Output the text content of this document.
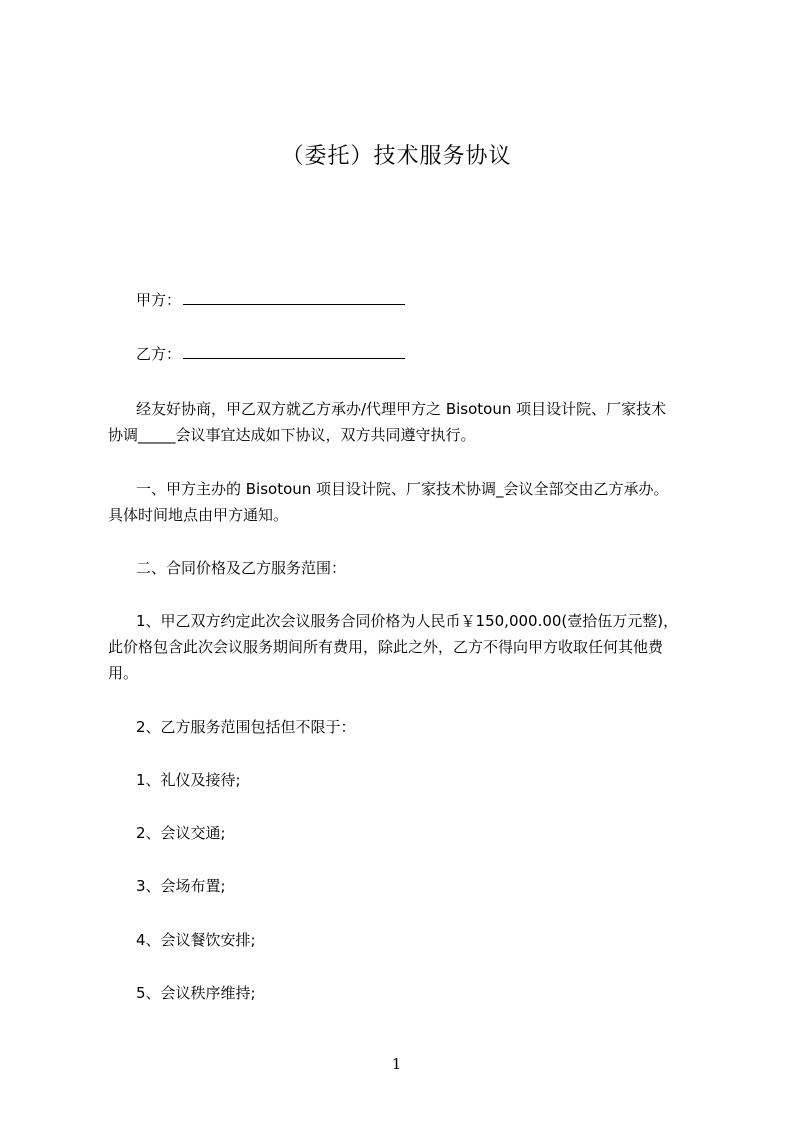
（委托）技术服务协议
甲方：
乙方：
经友好协商，甲乙双方就乙方承办/代理甲方之 Bisotoun 项目设计院、厂家技术
协调_____会议事宜达成如下协议，双方共同遵守执行。
一、甲方主办的 Bisotoun 项目设计院、厂家技术协调_会议全部交由乙方承办。
具体时间地点由甲方通知。
二、合同价格及乙方服务范围：
1、甲乙双方约定此次会议服务合同价格为人民币￥150,000.00(壹拾伍万元整)，
此价格包含此次会议服务期间所有费用，除此之外，乙方不得向甲方收取任何其他费
用。
2、乙方服务范围包括但不限于：
1、礼仪及接待;
2、会议交通;
3、会场布置;
4、会议餐饮安排;
5、会议秩序维持;
1
